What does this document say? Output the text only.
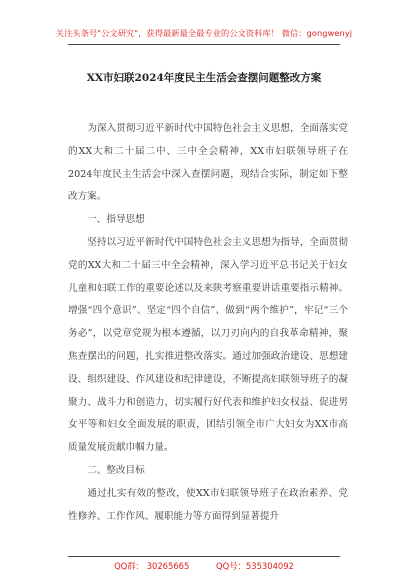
关注头条号"公文研究"，获得最新最全最专业的公文资料库！ 微信：gongwenyj
XX市妇联2024年度民主生活会查摆问题整改方案

为深入贯彻习近平新时代中国特色社会主义思想，全面落实党的XX大和二十届二中、三中全会精神，XX市妇联领导班子在2024年度民主生活会中深入查摆问题，现结合实际，制定如下整改方案。

一、指导思想

坚持以习近平新时代中国特色社会主义思想为指导，全面贯彻党的XX大和二十届三中全会精神，深入学习近平总书记关于妇女儿童和妇联工作的重要论述以及来陕考察重要讲话重要指示精神。增强“四个意识”、坚定“四个自信”、做到“两个维护”，牢记“三个务必”，以党章党规为根本遵循，以刀刃向内的自我革命精神，聚焦查摆出的问题，扎实推进整改落实。通过加强政治建设、思想建设、组织建设、作风建设和纪律建设，不断提高妇联领导班子的凝聚力、战斗力和创造力，切实履行好代表和维护妇女权益、促进男女平等和妇女全面发展的职责，团结引领全市广大妇女为XX市高质量发展贡献巾帼力量。

二、整改目标

通过扎实有效的整改，使XX市妇联领导班子在政治素养、党性修养、工作作风、履职能力等方面得到显著提升

QQ群： 30265665	QQ号：535304092
